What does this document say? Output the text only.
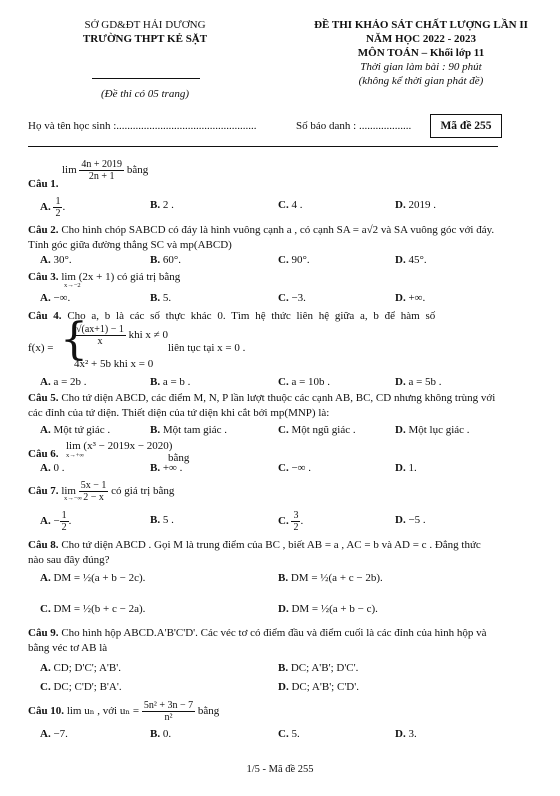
SỞ GD&ĐT HẢI DƯƠNG
TRƯỜNG THPT KẺ SẶT
(Đề thi có 05 trang)
ĐỀ THI KHẢO SÁT CHẤT LƯỢNG LẦN II
NĂM HỌC 2022 - 2023
MÔN TOÁN – Khối lớp 11
Thời gian làm bài : 90 phút
(không kể thời gian phát đề)
Họ và tên học sinh :...................................................	Số báo danh : ...................	Mã đề 255
$\lim \frac{4n + 2019}{2n + 1}$ bằng
Câu 1.
A. $\frac{1}{2}$ .	B. 2 .	C. 4 .	D. 2019 .
Câu 2. Cho hình chóp SABCD có đáy là hình vuông cạnh a , có cạnh SA = a√2 và SA vuông góc với đáy.
Tính góc giữa đường thẳng SC và mp(ABCD)
A. 30°.	B. 60°.	C. 90°.	D. 45°.
Câu 3. lim (2x + 1) có giá trị bằng
x→−2
A. −∞.	B. 5.	C. −3.	D. +∞.
Câu 4. Cho a, b là các số thực khác 0. Tìm hệ thức liên hệ giữa a, b để hàm số
f(x) = {
$\frac{√(ax+1) - 1}{x}$ khi x ≠ 0
4x² + 5b khi x = 0
liên tục tại x = 0 .
A. a = 2b .	B. a = b .	C. a = 10b .	D. a = 5b .
Câu 5. Cho tứ diện ABCD, các điểm M, N, P lần lượt thuộc các cạnh AB, BC, CD nhưng không trùng với
các đỉnh của tứ diện. Thiết diện của tứ diện khi cắt bởi mp(MNP) là:
A. Một tứ giác .	B. Một tam giác .	C. Một ngũ giác .	D. Một lục giác .
lim (x³ − 2019x − 2020)
x→+∞	bằng
Câu 6.
A. 0 .	B. +∞ .	C. −∞ .	D. 1.
Câu 7. $\lim \frac{5x - 1}{2 - x}$ có giá trị bằng
x→−∞
A. − $\frac{1}{2}$ .	B. 5 .	C. $\frac{3}{2}$ .	D. −5 .
Câu 8. Cho tứ diện ABCD . Gọi M là trung điểm của BC , biết AB = a , AC = b và AD = c . Đẳng thức
nào sau đây đúng?
A. DM = ½(a + b − 2c).	B. DM = ½(a + c − 2b).
C. DM = ½(b + c − 2a).	D. DM = ½(a + b − c).
Câu 9. Cho hình hộp ABCD.A'B'C'D'. Các véc tơ có điểm đầu và điểm cuối là các đỉnh của hình hộp và
bằng véc tơ AB là
A. CD; D'C'; A'B'.	B. DC; A'B'; D'C'.
C. DC; C'D'; B'A'.	D. DC; A'B'; C'D'.
Câu 10. lim uₙ , với $u_n = \frac{\text{5n² + 3n − 7}}{\text{n²}}$ bằng
A. −7.	B. 0.	C. 5.	D. 3.
1/5 - Mã đề 255
